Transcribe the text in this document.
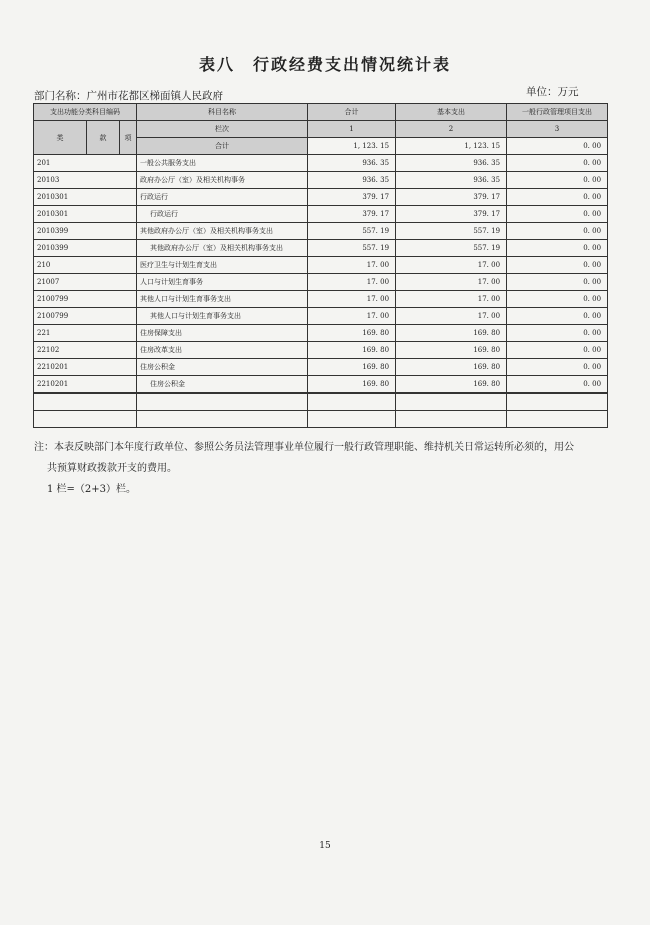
表八　行政经费支出情况统计表
部门名称：广州市花都区梯面镇人民政府	单位：万元
支出功能分类科目编码			科目名称	合计	基本支出	一般行政管理项目支出
类	款	项	栏次	1	2	3
			合计	1, 123. 15	1, 123. 15	0. 00
201			一般公共服务支出	936. 35	936. 35	0. 00
20103			政府办公厅（室）及相关机构事务	936. 35	936. 35	0. 00
2010301			行政运行	379. 17	379. 17	0. 00
2010301			行政运行	379. 17	379. 17	0. 00
2010399			其他政府办公厅（室）及相关机构事务支出	557. 19	557. 19	0. 00
2010399			其他政府办公厅（室）及相关机构事务支出	557. 19	557. 19	0. 00
210			医疗卫生与计划生育支出	17. 00	17. 00	0. 00
21007			人口与计划生育事务	17. 00	17. 00	0. 00
2100799			其他人口与计划生育事务支出	17. 00	17. 00	0. 00
2100799			其他人口与计划生育事务支出	17. 00	17. 00	0. 00
221			住房保障支出	169. 80	169. 80	0. 00
22102			住房改革支出	169. 80	169. 80	0. 00
2210201			住房公积金	169. 80	169. 80	0. 00
2210201			住房公积金	169. 80	169. 80	0. 00

注：本表反映部门本年度行政单位、参照公务员法管理事业单位履行一般行政管理职能、维持机关日常运转所必须的，用公
共预算财政拨款开支的费用。
1 栏=（2+3）栏。
15
